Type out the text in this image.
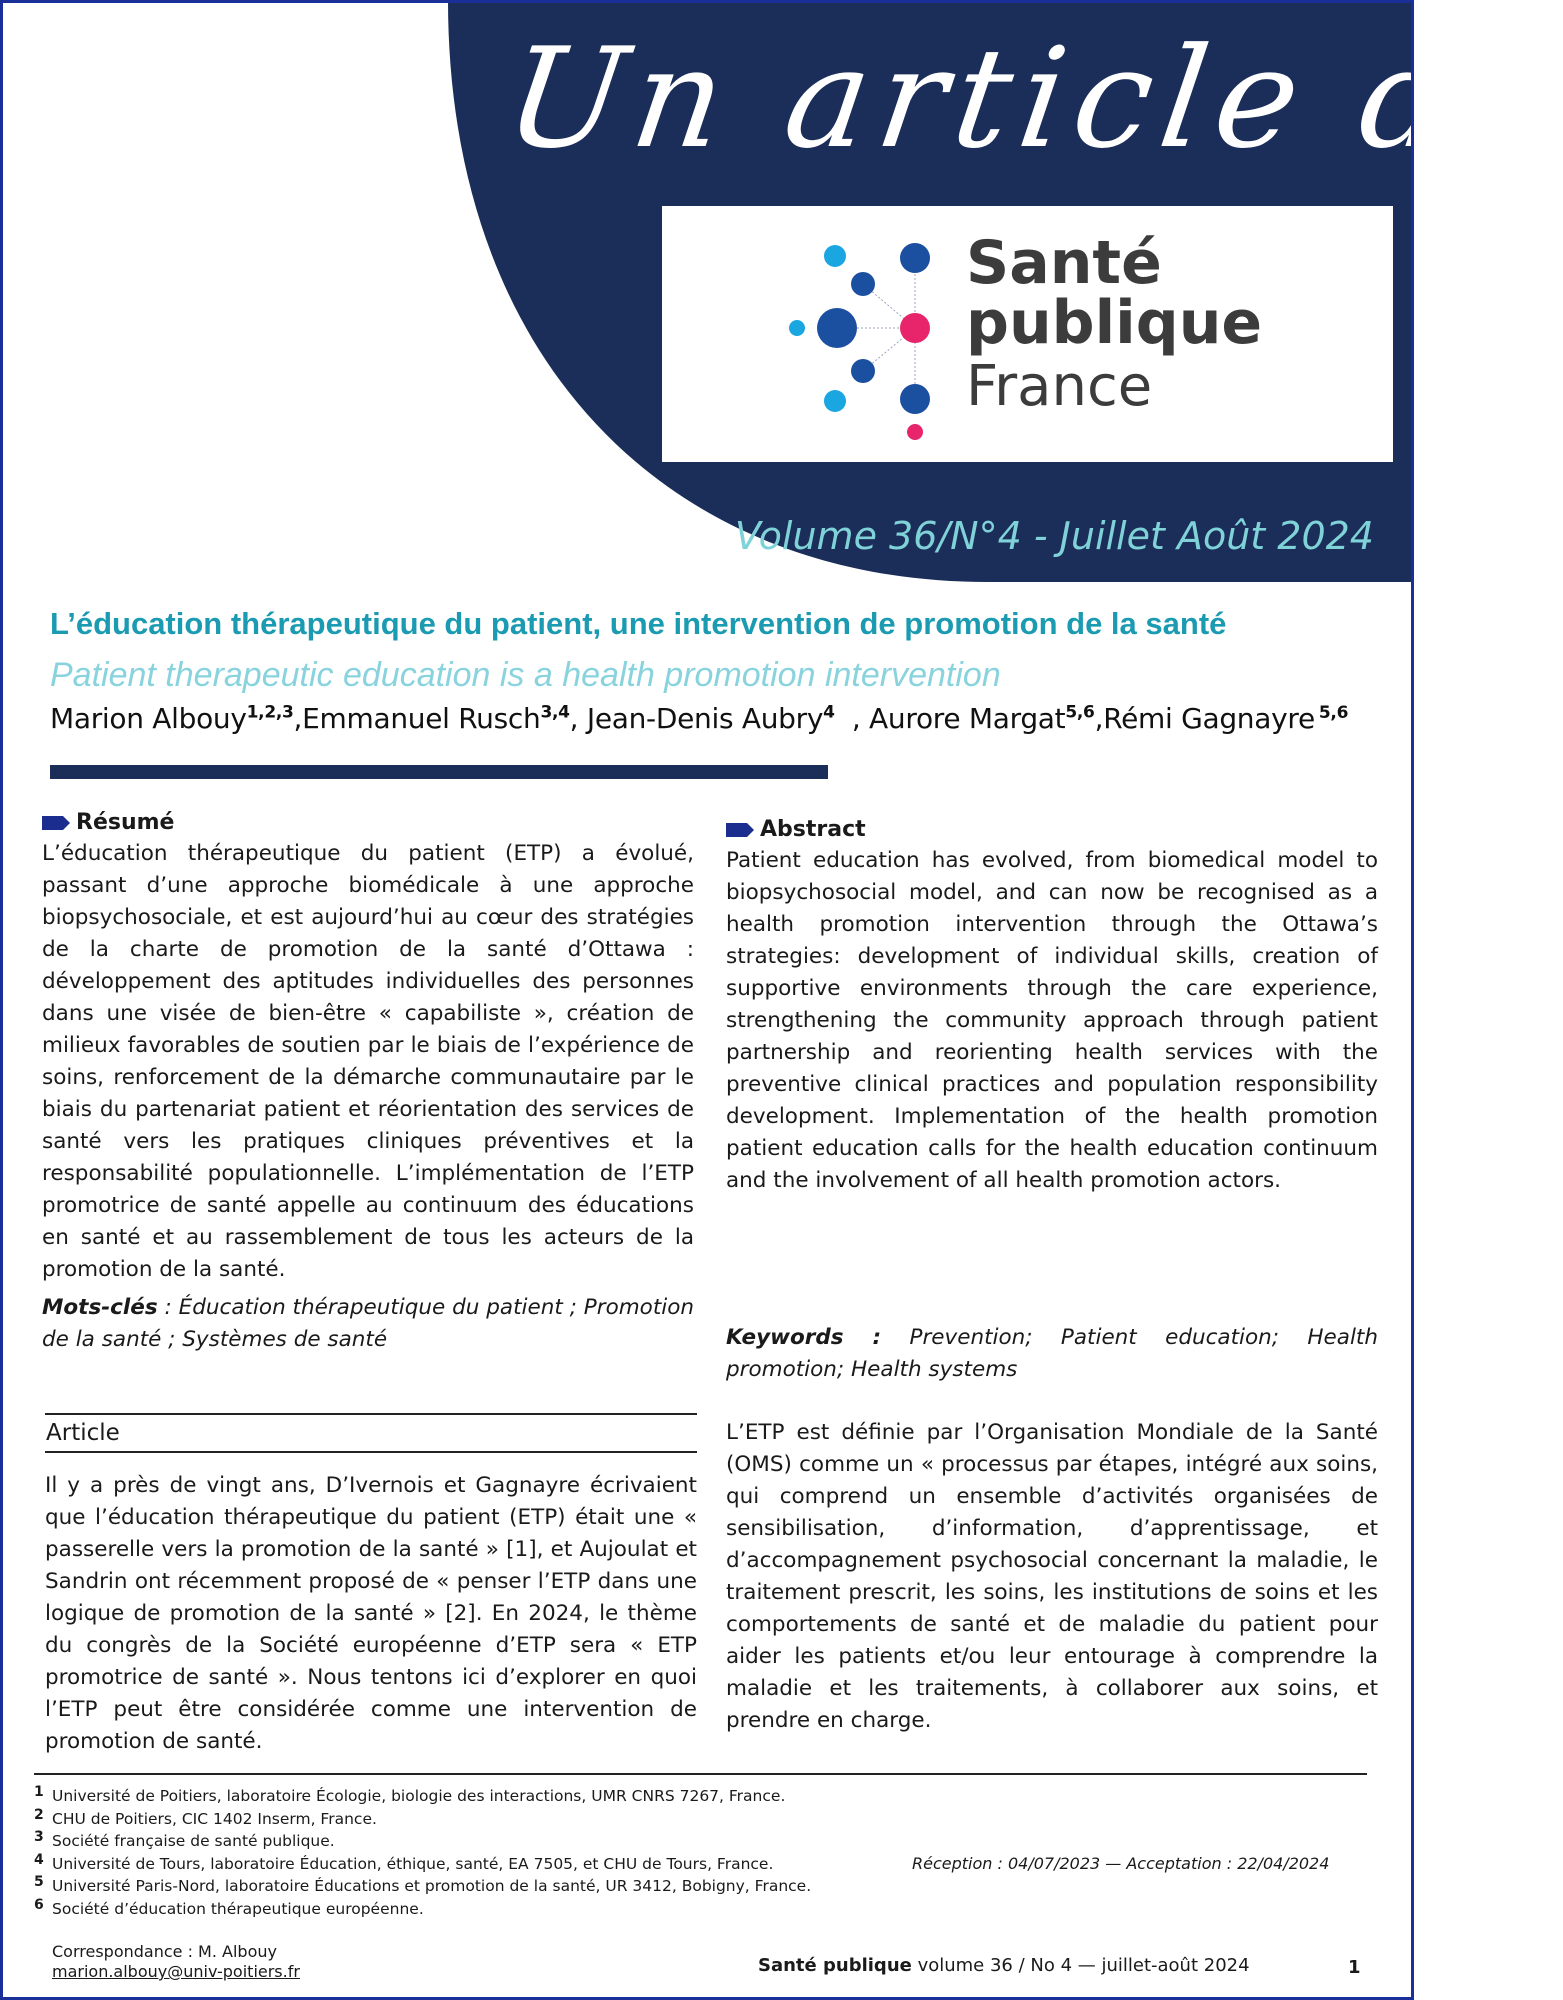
Un article de
Santé
publique
France
Volume 36/N°4 - Juillet Août 2024
L’éducation thérapeutique du patient, une intervention de promotion de la santé
Patient therapeutic education is a health promotion intervention
Marion Albouy$^{1,2,3}$,Emmanuel Rusch$^{3,4}$, Jean-Denis Aubry$^4$  , Aurore Margat$^{5,6}$,Rémi Gagnayre $^{5,6}$
Résumé

L’éducation thérapeutique du patient (ETP) a évolué, passant d’une approche biomédicale à une approche biopsychosociale, et est aujourd’hui au cœur des stratégies de la charte de promotion de la santé d’Ottawa : développement des aptitudes individuelles des personnes dans une visée de bien-être « capabiliste », création de milieux favorables de soutien par le biais de l’expérience de soins, renforcement de la démarche communautaire par le biais du partenariat patient et réorientation des services de santé vers les pratiques cliniques préventives et la responsabilité populationnelle. L’implémentation de l’ETP promotrice de santé appelle au continuum des éducations en santé et au rassemblement de tous les acteurs de la promotion de la santé.

Mots-clés : Éducation thérapeutique du patient ; Promotion de la santé ; Systèmes de santé

Abstract

Patient education has evolved, from biomedical model to biopsychosocial model, and can now be recognised as a health promotion intervention through the Ottawa’s strategies: development of individual skills, creation of supportive environments through the care experience, strengthening the community approach through patient partnership and reorienting health services with the preventive clinical practices and population responsibility development. Implementation of the health promotion patient education calls for the health education continuum and the involvement of all health promotion actors.

Keywords : Prevention; Patient education; Health promotion; Health systems

Article

Il y a près de vingt ans, D’Ivernois et Gagnayre écrivaient que l’éducation thérapeutique du patient (ETP) était une « passerelle vers la promotion de la santé » [1], et Aujoulat et Sandrin ont récemment proposé de « penser l’ETP dans une logique de promotion de la santé » [2]. En 2024, le thème du congrès de la Société européenne d’ETP sera « ETP promotrice de santé ». Nous tentons ici d’explorer en quoi l’ETP peut être considérée comme une intervention de promotion de santé.

L’ETP est définie par l’Organisation Mondiale de la Santé (OMS) comme un « processus par étapes, intégré aux soins, qui comprend un ensemble d’activités organisées de sensibilisation, d’information, d’apprentissage, et d’accompagnement psychosocial concernant la maladie, le traitement prescrit, les soins, les institutions de soins et les comportements de santé et de maladie du patient pour aider les patients et/ou leur entourage à comprendre la maladie et les traitements, à collaborer aux soins, et prendre en charge.

$^1$ Université de Poitiers, laboratoire Écologie, biologie des interactions, UMR CNRS 7267, France.
$^2$ CHU de Poitiers, CIC 1402 Inserm, France.
$^3$ Société française de santé publique.
$^4$ Université de Tours, laboratoire Éducation, éthique, santé, EA 7505, et CHU de Tours, France.
$^5$ Université Paris-Nord, laboratoire Éducations et promotion de la santé, UR 3412, Bobigny, France.
$^6$ Société d’éducation thérapeutique européenne.
Réception : 04/07/2023 — Acceptation : 22/04/2024
Correspondance : M. Albouy
marion.albouy@univ-poitiers.fr	Santé publique volume 36 / No 4 — juillet-août 2024	1
